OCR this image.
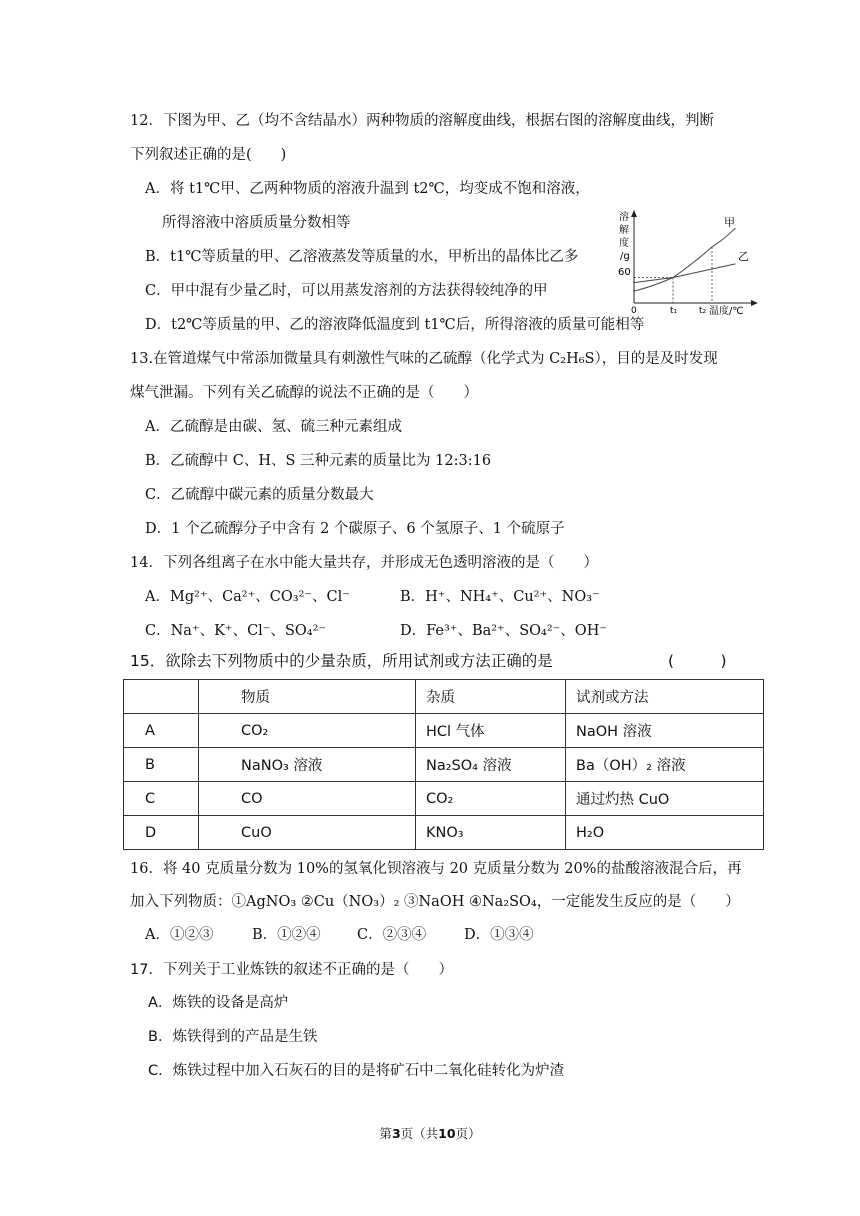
12．下图为甲、乙（均不含结晶水）两种物质的溶解度曲线，根据右图的溶解度曲线，判断
下列叙述正确的是(　　)
A．将 t1℃甲、乙两种物质的溶液升温到 t2℃，均变成不饱和溶液，
所得溶液中溶质质量分数相等
B．t1℃等质量的甲、乙溶液蒸发等质量的水，甲析出的晶体比乙多
C．甲中混有少量乙时，可以用蒸发溶剂的方法获得较纯净的甲
D．t2℃等质量的甲、乙的溶液降低温度到 t1℃后，所得溶液的质量可能相等
溶
解
度
/g
60
0	t₁ t₂ 温度/℃
甲
乙
13.在管道煤气中常添加微量具有刺激性气味的乙硫醇（化学式为 C₂H₆S），目的是及时发现
煤气泄漏。下列有关乙硫醇的说法不正确的是（　　）
A．乙硫醇是由碳、氢、硫三种元素组成
B．乙硫醇中 C、H、S 三种元素的质量比为 12:3:16
C．乙硫醇中碳元素的质量分数最大
D．1 个乙硫醇分子中含有 2 个碳原子、6 个氢原子、1 个硫原子
14．下列各组离子在水中能大量共存，并形成无色透明溶液的是（　　）
A．Mg²⁺、Ca²⁺、CO₃²⁻、Cl⁻	B．H⁺、NH₄⁺、Cu²⁺、NO₃⁻
C．Na⁺、K⁺、Cl⁻、SO₄²⁻	D．Fe³⁺、Ba²⁺、SO₄²⁻、OH⁻
15．欲除去下列物质中的少量杂质，所用试剂或方法正确的是	(　　　)
	物质	杂质	试剂或方法
A	CO₂	HCl 气体	NaOH 溶液
B	NaNO₃ 溶液	Na₂SO₄ 溶液	Ba（OH）₂ 溶液
C	CO	CO₂	通过灼热 CuO
D	CuO	KNO₃	H₂O
16．将 40 克质量分数为 10%的氢氧化钡溶液与 20 克质量分数为 20%的盐酸溶液混合后，再
加入下列物质：①AgNO₃ ②Cu（NO₃）₂ ③NaOH ④Na₂SO₄，一定能发生反应的是（　　）
A．①②③	B．①②④	C．②③④	D．①③④
17．下列关于工业炼铁的叙述不正确的是（　　）
A．炼铁的设备是高炉
B．炼铁得到的产品是生铁
C．炼铁过程中加入石灰石的目的是将矿石中二氧化硅转化为炉渣
第3页（共10页）
